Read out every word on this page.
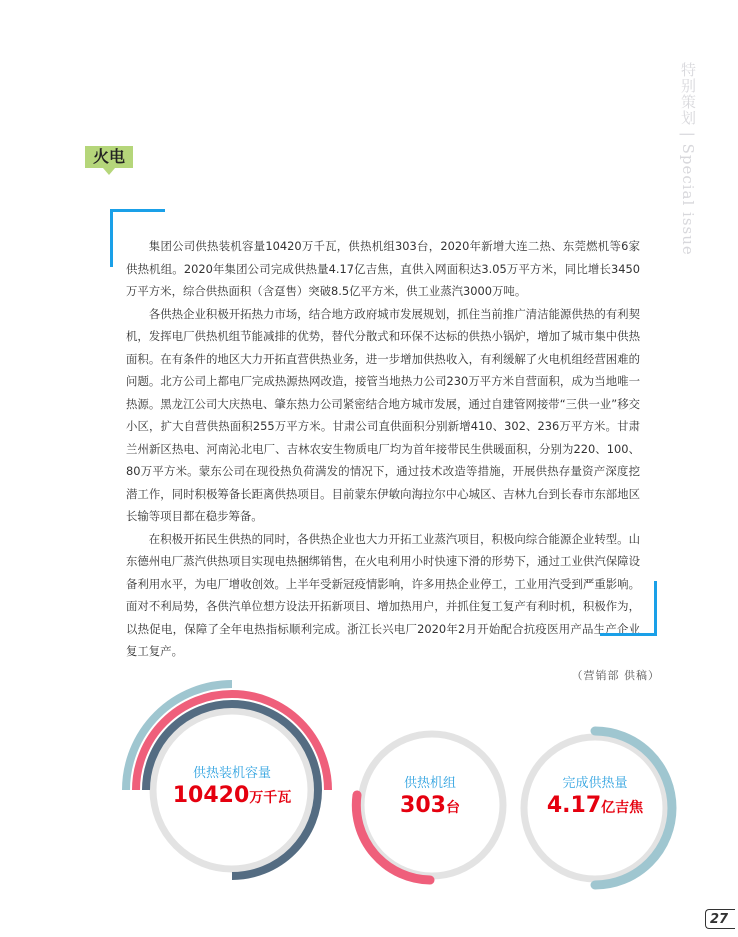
特别策划 | Special issue
火电

集团公司供热装机容量10420万千瓦，供热机组303台，2020年新增大连二热、东莞燃机等6家供热机组。2020年集团公司完成供热量4.17亿吉焦，直供入网面积达3.05万平方米，同比增长3450万平方米，综合供热面积（含趸售）突破8.5亿平方米，供工业蒸汽3000万吨。

各供热企业积极开拓热力市场，结合地方政府城市发展规划，抓住当前推广清洁能源供热的有利契机，发挥电厂供热机组节能减排的优势，替代分散式和环保不达标的供热小锅炉，增加了城市集中供热面积。在有条件的地区大力开拓直营供热业务，进一步增加供热收入，有利缓解了火电机组经营困难的问题。北方公司上都电厂完成热源热网改造，接管当地热力公司230万平方米自营面积，成为当地唯一热源。黑龙江公司大庆热电、肇东热力公司紧密结合地方城市发展，通过自建管网接带“三供一业”移交小区，扩大自营供热面积255万平方米。甘肃公司直供面积分别新增410、302、236万平方米。甘肃兰州新区热电、河南沁北电厂、吉林农安生物质电厂均为首年接带民生供暖面积，分别为220、100、80万平方米。蒙东公司在现役热负荷满发的情况下，通过技术改造等措施，开展供热存量资产深度挖潜工作，同时积极筹备长距离供热项目。目前蒙东伊敏向海拉尔中心城区、吉林九台到长春市东部地区长输等项目都在稳步筹备。

在积极开拓民生供热的同时，各供热企业也大力开拓工业蒸汽项目，积极向综合能源企业转型。山东德州电厂蒸汽供热项目实现电热捆绑销售，在火电利用小时快速下滑的形势下，通过工业供汽保障设备利用水平，为电厂增收创效。上半年受新冠疫情影响，许多用热企业停工，工业用汽受到严重影响。面对不利局势，各供汽单位想方设法开拓新项目、增加热用户，并抓住复工复产有利时机，积极作为，以热促电，保障了全年电热指标顺利完成。浙江长兴电厂2020年2月开始配合抗疫医用产品生产企业复工复产。

（营销部 供稿）
供热装机容量
10420万千瓦
供热机组
303台
完成供热量
4.17亿吉焦
27
